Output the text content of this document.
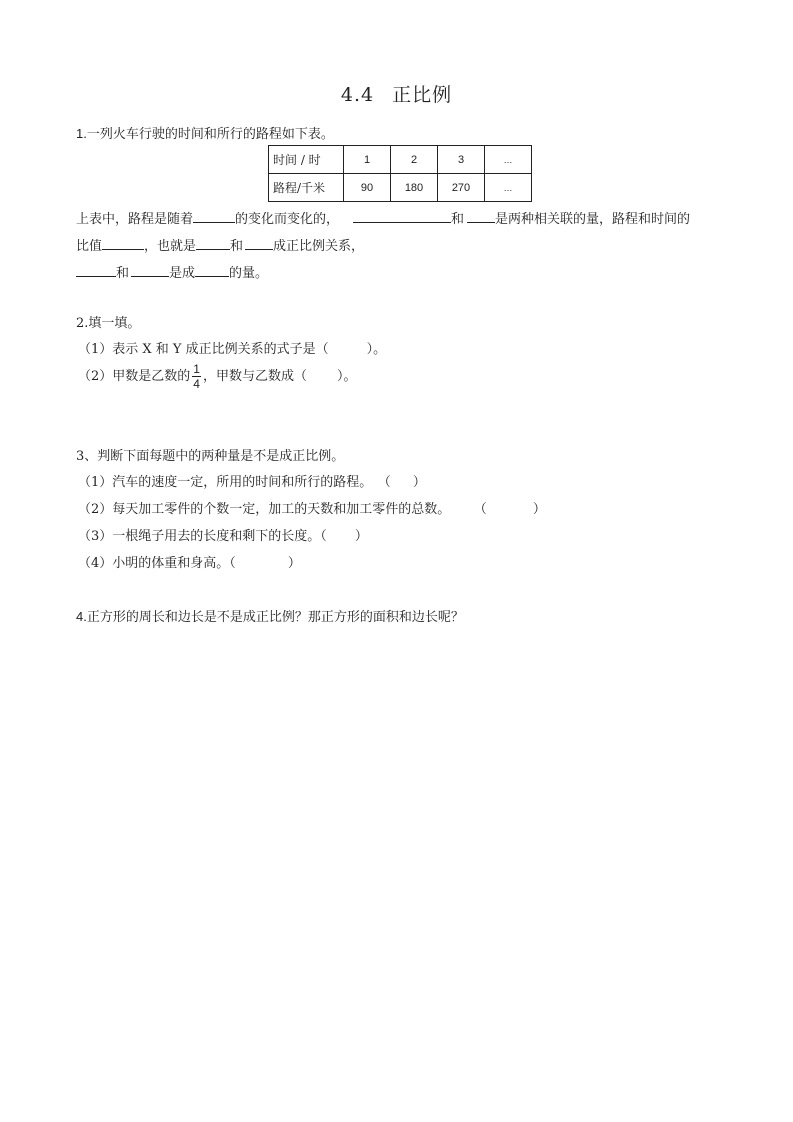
4.4 正比例
1.一列火车行驶的时间和所行的路程如下表。
时间 / 时	1	2	3	…
路程/千米	90	180	270	…
上表中，路程是随着	的变化而变化的，	和 是两种相关联的量，路程和时间的
比值	，也就是	和 成正比例关系，
和	是成	的量。
2.填一填。
（1）表示 X 和 Y 成正比例关系的式子是（	）。
（2）甲数是乙数的 $\frac{1}{4}$ ，甲数与乙数成（ ）。
3、判断下面每题中的两种量是不是成正比例。
（1）汽车的速度一定，所用的时间和所行的路程。 （ ）
（2）每天加工零件的个数一定，加工的天数和加工零件的总数。 （	）
（3）一根绳子用去的长度和剩下的长度。（ ）
（4）小明的体重和身高。（	）
4.正方形的周长和边长是不是成正比例？那正方形的面积和边长呢？
